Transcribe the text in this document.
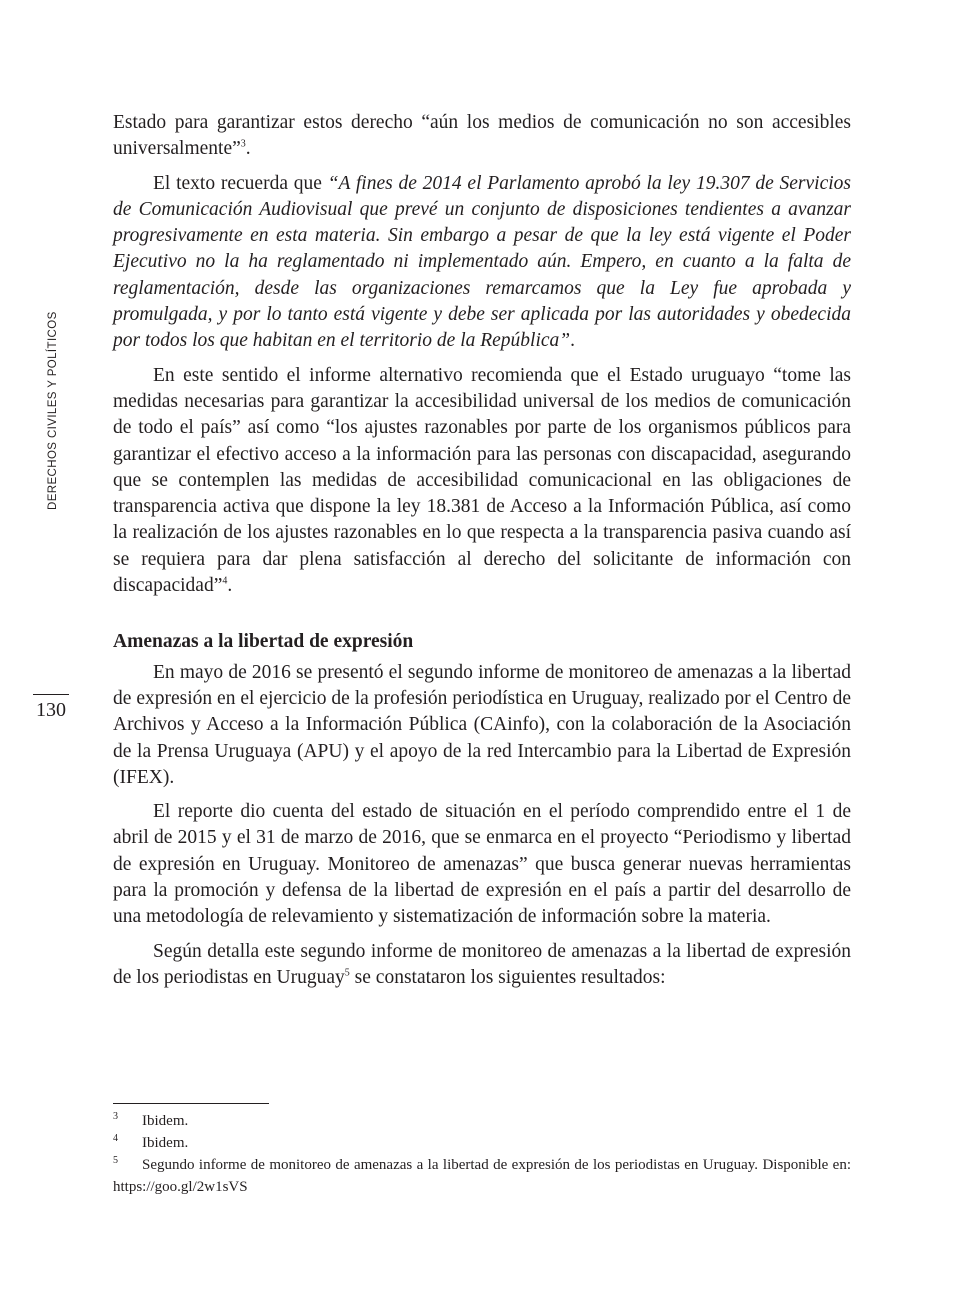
DERECHOS CIVILES Y POLÍTICOS
130

Estado para garantizar estos derecho “aún los medios de comunicación no son accesibles universalmente”$^3$.

El texto recuerda que “A fines de 2014 el Parlamento aprobó la ley 19.307 de Servicios de Comunicación Audiovisual que prevé un conjunto de disposiciones tendientes a avanzar progresivamente en esta materia. Sin embargo a pesar de que la ley está vigente el Poder Ejecutivo no la ha reglamentado ni implementado aún. Empero, en cuanto a la falta de reglamentación, desde las organizaciones remarcamos que la Ley fue aprobada y promulgada, y por lo tanto está vigente y debe ser aplicada por las autoridades y obedecida por todos los que habitan en el territorio de la República”.

En este sentido el informe alternativo recomienda que el Estado uruguayo “tome las medidas necesarias para garantizar la accesibilidad universal de los medios de comunicación de todo el país” así como “los ajustes razonables por parte de los organismos públicos para garantizar el efectivo acceso a la información para las personas con discapacidad, asegurando que se contemplen las medidas de accesibilidad comunicacional en las obligaciones de transparencia activa que dispone la ley 18.381 de Acceso a la Información Pública, así como la realización de los ajustes razonables en lo que respecta a la transparencia pasiva cuando así se requiera para dar plena satisfacción al derecho del solicitante de información con discapacidad”$^4$.

Amenazas a la libertad de expresión

En mayo de 2016 se presentó el segundo informe de monitoreo de amenazas a la libertad de expresión en el ejercicio de la profesión periodística en Uruguay, realizado por el Centro de Archivos y Acceso a la Información Pública (CAinfo), con la colaboración de la Asociación de la Prensa Uruguaya (APU) y el apoyo de la red Intercambio para la Libertad de Expresión (IFEX).

El reporte dio cuenta del estado de situación en el período comprendido entre el 1 de abril de 2015 y el 31 de marzo de 2016, que se enmarca en el proyecto “Periodismo y libertad de expresión en Uruguay. Monitoreo de amenazas” que busca generar nuevas herramientas para la promoción y defensa de la libertad de expresión en el país a partir del desarrollo de una metodología de relevamiento y sistematización de información sobre la materia.

Según detalla este segundo informe de monitoreo de amenazas a la libertad de expresión de los periodistas en Uruguay$^5$ se constataron los siguientes resultados:

3 Ibidem.
4 Ibidem.
5 Segundo informe de monitoreo de amenazas a la libertad de expresión de los periodistas en Uruguay. Disponible en: https://goo.gl/2w1sVS
